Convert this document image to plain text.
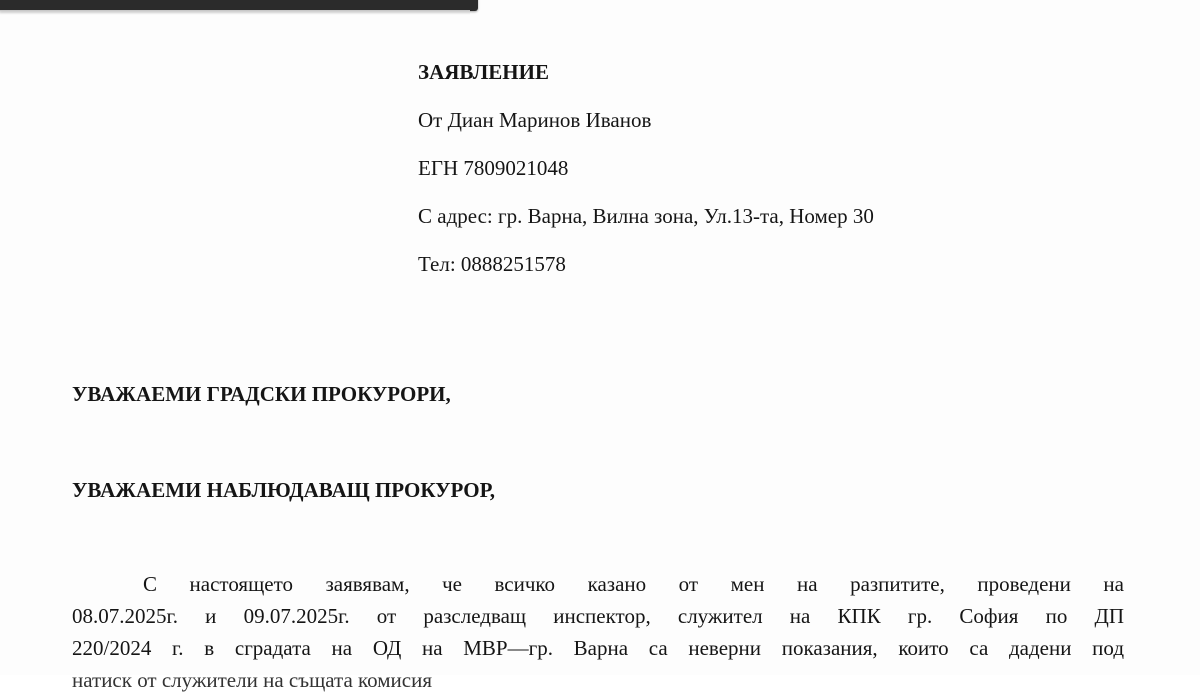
ЗАЯВЛЕНИЕ
От Диан Маринов Иванов
ЕГН 7809021048
С адрес: гр. Варна, Вилна зона, Ул.13-та, Номер 30
Тел: 0888251578
УВАЖАЕМИ ГРАДСКИ ПРОКУРОРИ,
УВАЖАЕМИ НАБЛЮДАВАЩ ПРОКУРОР,
С настоящето заявявам, че всичко казано от мен на разпитите, проведени на
08.07.2025г. и 09.07.2025г. от разследващ инспектор, служител на КПК гр. София по ДП
220/2024 г. в сградата на ОД на МВР—гр. Варна са неверни показания, които са дадени под
натиск от служители на същата комисия
